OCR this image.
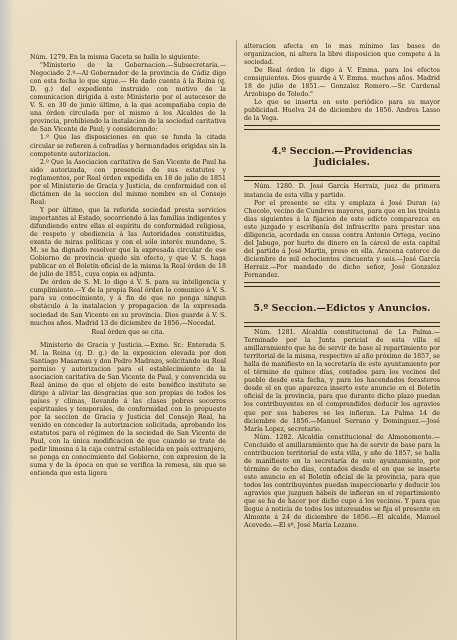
Núm. 1279. En la misma Gaceta se halla lo siguiente:

"Ministerio de la Gobernacion.—Subsecretaría.—Negociado 2.º—Al Gobernador de la provincia de Cádiz digo con esta fecha lo que sigue.— He dado cuenta á la Reina (q. D. g.) del expediente instruido con motivo de la comunicacion dirigida á este Ministerio por el autecesor de V. S. en 30 de junio último, á la que acompañaba copia de una órden circulada por el mismo á los Alcaldes de la provincia, prohibiendo la instalacion de la sociedad caritativa de San Vicente de Paul; y considerando:

1.º Que las disposiciones en que se funda la citada circular se refieren á cofradías y hermandades erigidas sin la competente autorizacion.

2.º Que la Asociacion caritativa de San Vicente de Paul ha sido autorizada, con presencia de sus estatutos y reglamentos, por Real órden expedida en 18 de julio de 1851 por el Ministerio de Gracia y Justicia, de conformidad con el dictámen de la seccion del mismo nombre en el Consejo Real:

Y por último, que la referida sociedad presta servicios importantes al Estado, socorriendo á las familias indigentes y difundiendo entre ellas el espíritu de conformidad religiosa, de respeto y obediencia á las Autoridades constituidas, exenta de miras políticas y con el sólo interés mundano, S. M. se ha dignado resolver que la expresada circular de ese Gobierno de provincia quede sin efecto, y que V. S. haga publicar en el Boletín oficial de la misma la Real órden de 18 de julio de 1851, cuya copia es adjunta.

De órden de S. M. lo digo á V. S. para su inteligencia y cumplimiento.—Y de la propia Real órden lo comunico á V. S. para su conocimiento, y á fin de que no ponga ningun obstáculo á la instalacion y propagacion de la expresada sociedad de San Vicente en su provincia. Dios guarde á V. S. muchos años. Madrid 13 de diciembre de 1856.—Nocedal.

Real órden que se cita.

Ministerio de Gracia y Justicia.—Exmo. Sr.: Enterada S. M. la Reina (q. D. g.) de la exposicion elevada por don Santiago Masarnau y don Pedro Madrazo, solicitando su Real permiso y autorizacion para el establecimiento de la asociacion caritativa de San Vicente de Paul, y convencida su Real ánimo de que el objeto de este benéfico instituto se dirige á aliviar las desgracias que son propias de todos los países y climas, llevando á las clases pobres socorros espirituales y temporales, de conformidad con lo propuesto por la seccion de Gracia y Justicia del Consejo Real, ha venido en conceder la autorizacion solicitada, aprobando los estatutos para el régimen de la sociedad de San Vicente de Paul, con la única modificacion de que cuando se trate de pedir limosna á la caja central establecida en país extranjero, se ponga en conocimiento del Gobierno, con expresion de la suma y de la época en que se verifica la remesa, sin que se entienda que esta ligera

alteracion afecta en lo mas mínimo las bases de organizacion, ni altera la libre disposicion que compete á la sociedad.

De Real órden lo digo á V. Emma. para los efectos consiguientes. Dios guarde á V. Emma. muchos años. Madrid 18 de julio de 1851.— Gonzalez Romero.—Sr. Cardenal Arzobispo de Toledo."

Lo que se inserta en este periódico para su mayor publicidad. Huelva 24 de diciembre de 1856. Andres Lasso de la Vega.

4.º Seccion.—Providencias Judiciales.

Núm. 1280. D. José García Herraiz, juez de primera instancia de esta villa y partido.

Por el presente se cita y emplaza á José Duran (a) Chocolo, vecino de Cumbres mayores, para que en los treinta dias siguientes á la fijacion de este edicto comparezca en este juzgado y escribanía del infrascrito para prestar una diligencia, acordada en causa contra Antonio Ortega, vecino del Jabugo, por hurto de dinero en la cárcel de esta capital del partido á José Martin, preso en ella. Aracena catorce de diciembre de mil ochocientos cincuenta y seis.—José García Herraiz.—Por mandado de dicho señor, José Gonzalez Fernandez.

5.º Seccion.—Edictos y Anuncios.

Núm. 1281. Alcaldía constitucional de La Palma.—Terminado por la Junta pericial de esta villa el amillaramiento que ha de servir de base al repartimiento por territorial de la misma, respectivo al año próximo de 1857, se halla de manifiesto en la secretaría de este ayuntamiento por el término de quince días, contados para los vecinos del pueblo desde esta fecha, y para los hacendados forasteros desde el en que aparezca inserto este anuncio en el Boletín oficial de la provincia, para que durante dicho plazo puedan los contribuyentes en el comprendidos deducir los agravios que por sus haberes se les infieran. La Palma 14 de diciembre de 1856.—Manuel Serrano y Dominguez.—José María Lopez, secretario.

Núm. 1282. Alcaldía constitucional de Almonomonte.—Concluido el amillaramiento que ha de servir de base para la contribucion territorial de esta villa, y año de 1857, se halla de manifiesto en la secretaría de este ayuntamiento, por término de ocho días, contados desde el en que se inserte este anuncio en el Boletín oficial de la provincia, para que todos los contribuyentes puedan inspeccionarlo y deducir los agravios que juzguen hábeis de infieran en el repartimiento que se ha de hacer por dicho cupo á los vecinos. Y para que llegue á noticia de todos los interesados se fija el presente en Almonte á 24 de diciembre de 1856.—El alcalde, Manuel Acevedo.—El sº, José María Lozano.
